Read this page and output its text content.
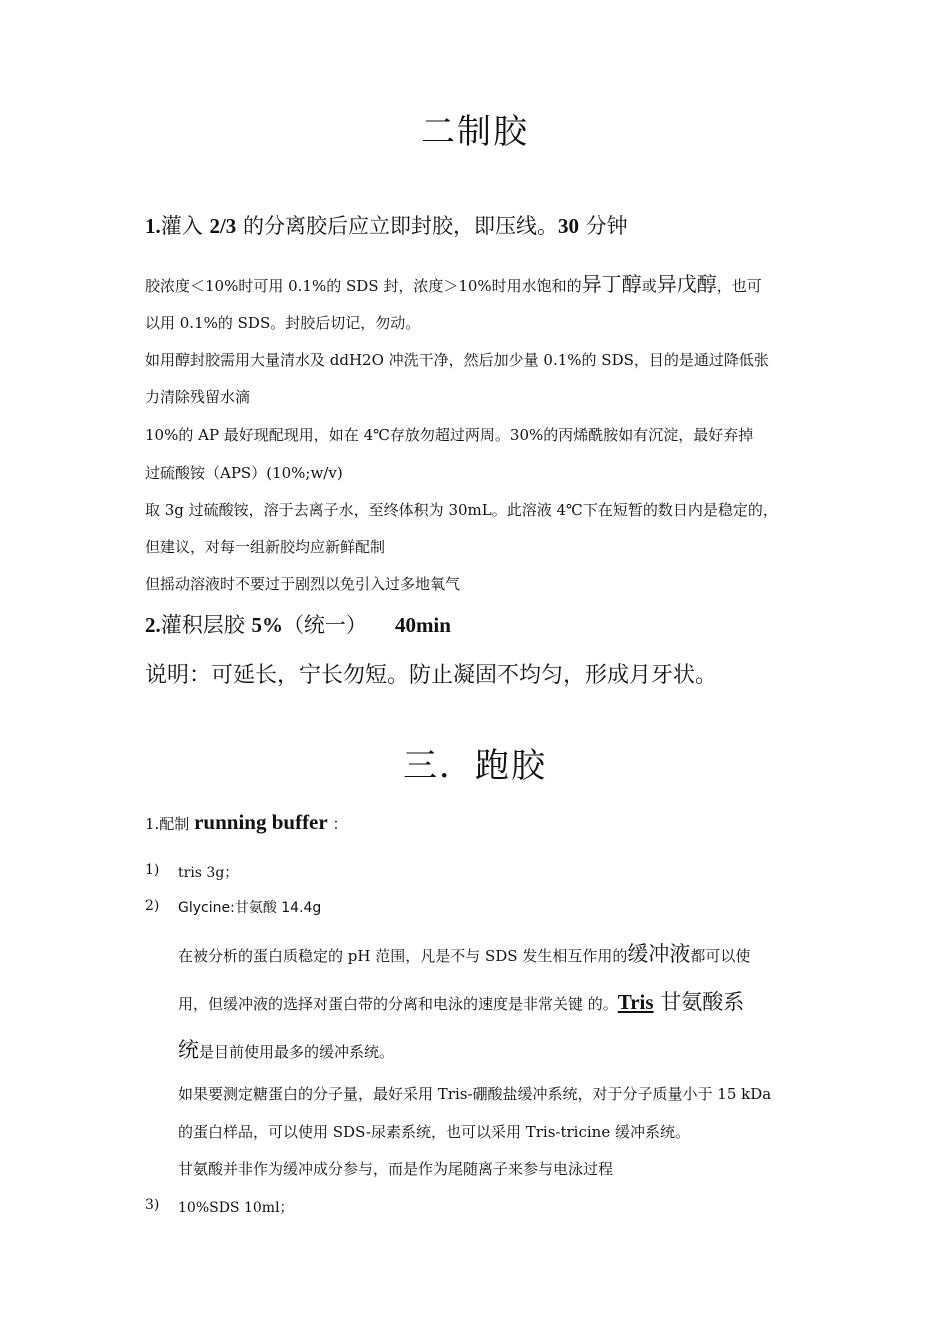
二制胶
1.灌入 2/3 的分离胶后应立即封胶，即压线。30 分钟
胶浓度＜10%时可用 0.1%的 SDS 封，浓度＞10%时用水饱和的异丁醇或异戊醇，也可
以用 0.1%的 SDS。封胶后切记，勿动。
如用醇封胶需用大量清水及 ddH2O 冲洗干净，然后加少量 0.1%的 SDS，目的是通过降低张
力清除残留水滴
10%的 AP 最好现配现用，如在 4℃存放勿超过两周。30%的丙烯酰胺如有沉淀，最好弃掉
过硫酸铵（APS）(10%;w/v)
取 3g 过硫酸铵，溶于去离子水，至终体积为 30mL。此溶液 4℃下在短暂的数日内是稳定的，
但建议，对每一组新胶均应新鲜配制
但摇动溶液时不要过于剧烈以免引入过多地氧气
2.灌积层胶 5%（统一） 40min
说明：可延长，宁长勿短。防止凝固不均匀，形成月牙状。
三．跑胶
1.配制 running buffer ：
1) tris 3g；
2) Glycine:甘氨酸 14.4g
在被分析的蛋白质稳定的 pH 范围，凡是不与 SDS 发生相互作用的缓冲液都可以使
用，但缓冲液的选择对蛋白带的分离和电泳的速度是非常关键 的。Tris 甘氨酸系
统是目前使用最多的缓冲系统。
如果要测定糖蛋白的分子量，最好采用 Tris-硼酸盐缓冲系统，对于分子质量小于 15 kDa
的蛋白样品，可以使用 SDS-尿素系统，也可以采用 Tris-tricine 缓冲系统。
甘氨酸并非作为缓冲成分参与，而是作为尾随离子来参与电泳过程
3) 10%SDS 10ml；
